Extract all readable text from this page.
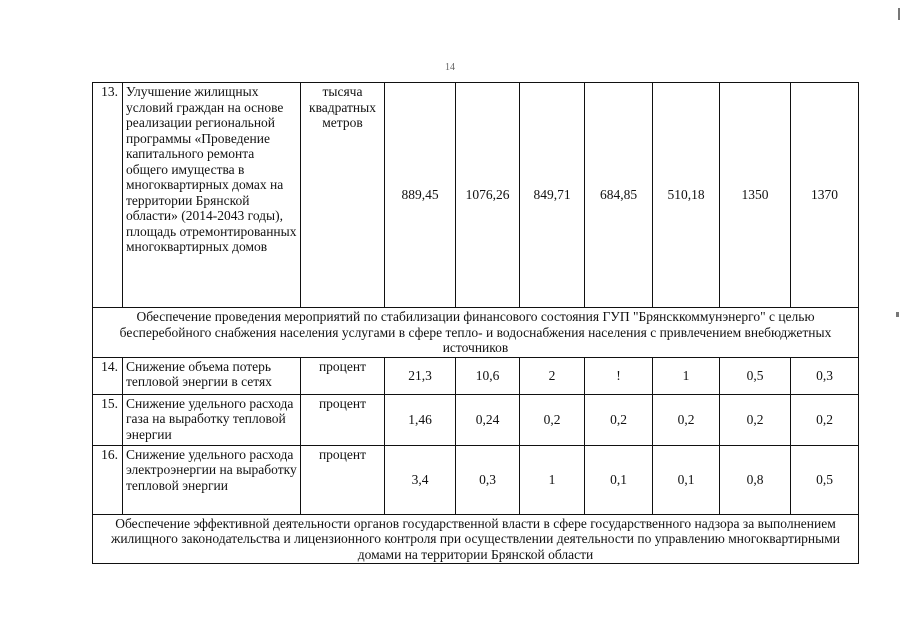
14
13.	Улучшение жилищных условий граждан на основе реализации региональной программы «Проведение капитального ремонта общего имущества в многоквартирных домах на территории Брянской области» (2014-2043 годы), площадь отремонтированных многоквартирных домов	тысяча квадратных метров	889,45	1076,26	849,71	684,85	510,18	1350	1370
Обеспечение проведения мероприятий по стабилизации финансового состояния ГУП "Брянсккоммунэнерго" с целью бесперебойного снабжения населения услугами в сфере тепло- и водоснабжения населения с привлечением внебюджетных источников									
14.	Снижение объема потерь тепловой энергии в сетях	процент	21,3	10,6	2	!	1	0,5	0,3
15.	Снижение удельного расхода газа на выработку тепловой энергии	процент	1,46	0,24	0,2	0,2	0,2	0,2	0,2
16.	Снижение удельного расхода электроэнергии на выработку тепловой энергии	процент	3,4	0,3	1	0,1	0,1	0,8	0,5
Обеспечение эффективной деятельности органов государственной власти в сфере государственного надзора за выполнением жилищного законодательства и лицензионного контроля при осуществлении деятельности по управлению многоквартирными домами на территории Брянской области									
